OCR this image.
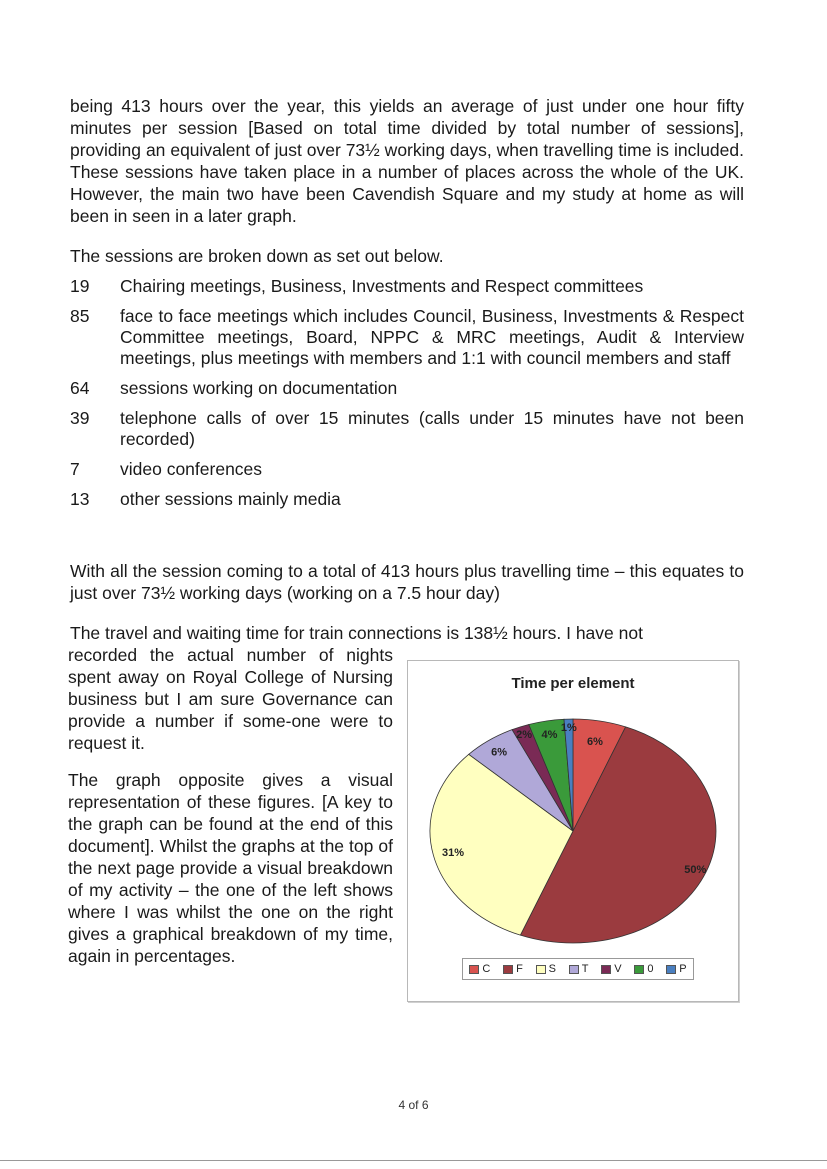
being 413 hours over the year, this yields an average of just under one hour fifty minutes per session [Based on total time divided by total number of sessions], providing an equivalent of just over 73½ working days, when travelling time is included. These sessions have taken place in a number of places across the whole of the UK. However, the main two have been Cavendish Square and my study at home as will been in seen in a later graph.

The sessions are broken down as set out below.

19	Chairing meetings, Business, Investments and Respect committees
85	face to face meetings which includes Council, Business, Investments & Respect Committee meetings, Board, NPPC & MRC meetings, Audit & Interview meetings, plus meetings with members and 1:1 with council members and staff
64	sessions working on documentation
39	telephone calls of over 15 minutes (calls under 15 minutes have not been recorded)
7	video conferences
13	other sessions mainly media

With all the session coming to a total of 413 hours plus travelling time – this equates to just over 73½ working days (working on a 7.5 hour day)

The travel and waiting time for train connections is 138½ hours. I have not

recorded the actual number of nights spent away on Royal College of Nursing business but I am sure Governance can provide a number if some-one were to request it.

The graph opposite gives a visual representation of these figures. [A key to the graph can be found at the end of this document]. Whilst the graphs at the top of the next page provide a visual breakdown of my activity – the one of the left shows where I was whilst the one on the right gives a graphical breakdown of my time, again in percentages.

Time per element
6%
50%
31%
6%
2% 4%
1%
C F S T V 0 P
4 of 6
